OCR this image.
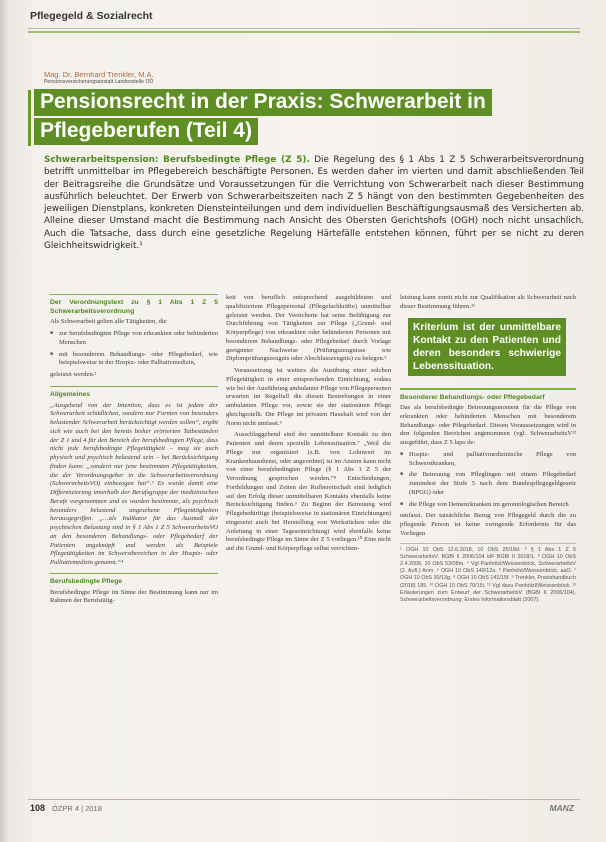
Pflegegeld & Sozialrecht
Mag. Dr. Bernhard Trenkler, M.A.
Pensionsversicherungsanstalt Landesstelle OÖ
Pensionsrecht in der Praxis: Schwerarbeit in
Pflegeberufen (Teil 4)
Schwerarbeitspension: Berufsbedingte Pflege (Z 5). Die Regelung des § 1 Abs 1 Z 5 Schwerarbeitsverordnung betrifft unmittelbar im Pflegebereich beschäftigte Personen. Es werden daher im vierten und damit abschließenden Teil der Beitragsreihe die Grundsätze und Voraussetzungen für die Verrichtung von Schwerarbeit nach dieser Bestimmung ausführlich beleuchtet. Der Erwerb von Schwerarbeitszeiten nach Z 5 hängt von den bestimmten Gegebenheiten des jeweiligen Dienstplans, konkreten Diensteinteilungen und dem individuellen Beschäftigungsausmaß des Versicherten ab. Alleine dieser Umstand macht die Bestimmung nach Ansicht des Obersten Gerichtshofs (OGH) noch nicht unsachlich. Auch die Tatsache, dass durch eine gesetzliche Regelung Härtefälle entstehen können, führt per se nicht zu deren Gleichheitswidrigkeit.¹
Der Verordnungstext zu § 1 Abs 1 Z 5 Schwerarbeitsverordnung
Als Schwerarbeit gelten alle Tätigkeiten, die
■ zur berufsbedingten Pflege von erkrankten oder behinderten Menschen
■ mit besonderem Behandlungs- oder Pflegebedarf, wie beispielsweise in der Hospiz- oder Palliativmedizin,
geleistet werden.²
Allgemeines
„Ausgehend von der Intention, dass es ist jedem der Schwerarbeit schädlichen, sondern nur Formen von besonders belastender Schwerarbeit berücksichtigt werden sollen“, ergibt sich wie auch bei den bereits bisher erörterten Tatbeständen der Z 1 und 4 für den Bereich der berufsbedingten Pflege, dass nicht jede berufsbedingte Pflegetätigkeit – mag sie auch physisch und psychisch belastend sein – bei Berücksichtigung finden kann: „sondern nur jene bestimmten Pflegetätigkeiten, die der Verordnungsgeber in die Schwerarbeitsverordnung (SchwerarbeitsVO) einbezogen hat“.³ Es wurde damit eine Differenzierung innerhalb der Berufsgruppe der medizinischen Berufe vorgenommen und es wurden bestimmte, als psychisch besonders belastend angesehene Pflegetätigkeiten herausgegriffen. „…als Indikator für das Ausmaß der psychischen Belastung sind in § 1 Abs 1 Z 5 SchwerarbeitsVO an den besonderen Behandlungs- oder Pflegebedarf der Patienten angeknüpft und werden als Beispiele Pflegetätigkeiten im Schwerstbereichen in der Hospiz- oder Palliativmedizin genannt.“⁴
Berufsbedingte Pflege
Berufsbedingte Pflege im Sinne der Bestimmung kann nur im Rahmen der Berufstätig-
keit von beruflich entsprechend ausgebildetem und qualifiziertem Pflegepersonal (Pflegefachkräfte) unmittelbar geleistet werden. Der Versicherte hat seine Befähigung zur Durchführung von Tätigkeiten zur Pflege („Grund- und Körperpflege) von erkrankten oder behinderten Personen mit besonderem Behandlungs- oder Pflegebedarf durch Vorlage geeigneter Nachweise (Prüfungszeugnisse wie Diplomprüfungszeugnis oder Abschlusszeugnis) zu belegen.⁵
Voraussetzung ist weiters die Ausübung einer solchen Pflegetätigkeit in einer entsprechenden Einrichtung, sodass wie bei der Ausführung ambulanter Pflege von Pflegepersonen erwarten im Regelfall die diesen Bestrebungen in einer ambulanten Pflege vor, sowie sie der stationären Pflege gleichgestellt. Die Pflege im privaten Haushalt wird von der Norm nicht umfasst.⁶
Ausschlaggebend sind der unmittelbare Kontakt zu den Patienten und deren spezielle Lebenssituation.⁷ „Weil die Pflege nur organisiert (z.B. von Lohnwert im Krankenhausdienst, oder angeordnet) ist im Ansinn kann nicht von einer berufsbedingten Pflege (§ 1 Abs 1 Z 5 der Verordnung gesprochen werden.“⁸ Entscheidungen, Fortbildungen und Zeiten der Rufbereitschaft sind lediglich auf den Erfolg dieser unmittelbaren Kontakts ebenfalls keine Berücksichtigung finden.⁹ Zu Beginn der Betreuung wird Pflegebedürftige (beispielsweise in stationären Einrichtungen) eingesetzt auch bei Herstellung von Werkstücken oder die Anleitung in einer Tageseinrichtung) wird ebenfalls keine berufsbedingte Pflege im Sinne der Z 5 vorliegen.¹⁰ Eine nicht auf die Grund- und Körperpflege selbst verrichten-
leistung kann somit nicht zur Qualifikation als Schwerarbeit nach dieser Bestimmung führen.¹¹
Kriterium ist der unmittelbare Kontakt zu den Patienten und deren besonders schwierige Lebenssituation.
Besonderer Behandlungs- oder Pflegebedarf
Das als berufsbedingte Betreuungsmoment für die Pflege von erkrankten oder behinderten Menschen mit besonderem Behandlungs- oder Pflegebedarf. Diesen Voraussetzungen wird in den folgenden Bereichen angenommen (vgl. SchwerarbeitsV¹² ausgeführt, dass Z 5 lapo de:
■ Hospiz- und palliativmedizinische Pflege von Schwerstkranken,
■ die Betreuung von Pfleglingen mit einem Pflegebedarf zumindest der Stufe 5 nach dem Bundespflegegeldgesetz (BPGG) oder
■ die Pflege von Demenzkranken im gerontologischen Bereich
umfasst. Der tatsächliche Bezug von Pflegegeld durch die zu pflegende Person ist keine zwingende Erfordernis für das Vorliegen
¹ OGH 10 ObS 12.6.2018, 10 ObS 25/18d. ² § 1 Abs 1 Z 5 SchwerarbeitsV; BGBl II 2006/104 idF BGBl II 2018/1. ³ OGH 10 ObS 2.4.2008, 10 ObS 53/08m. ⁴ Vgl Panhölzl/Weissenböck, SchwerarbeitsV (2. Aufl.) Anm. ⁵ OGH 10 ObS 149/12a. ⁶ Panhölzl/Weissenböck, aaO. ⁷ OGH 10 ObS 30/13g. ⁸ OGH 10 ObS 141/15f. ⁹ Trenkler, Praxishandbuch (2018) 185. ¹⁰ OGH 10 ObS 70/15i. ¹¹ Vgl dazu Panhölzl/Weissenböck. ¹² Erläuterungen zum Entwurf der SchwerarbeitsV (BGBl II 2006/104). Schwerarbeitsverordnung; Erstes Informationsblatt (2007).
108 ÖZPR 4 | 2018	MANZ
